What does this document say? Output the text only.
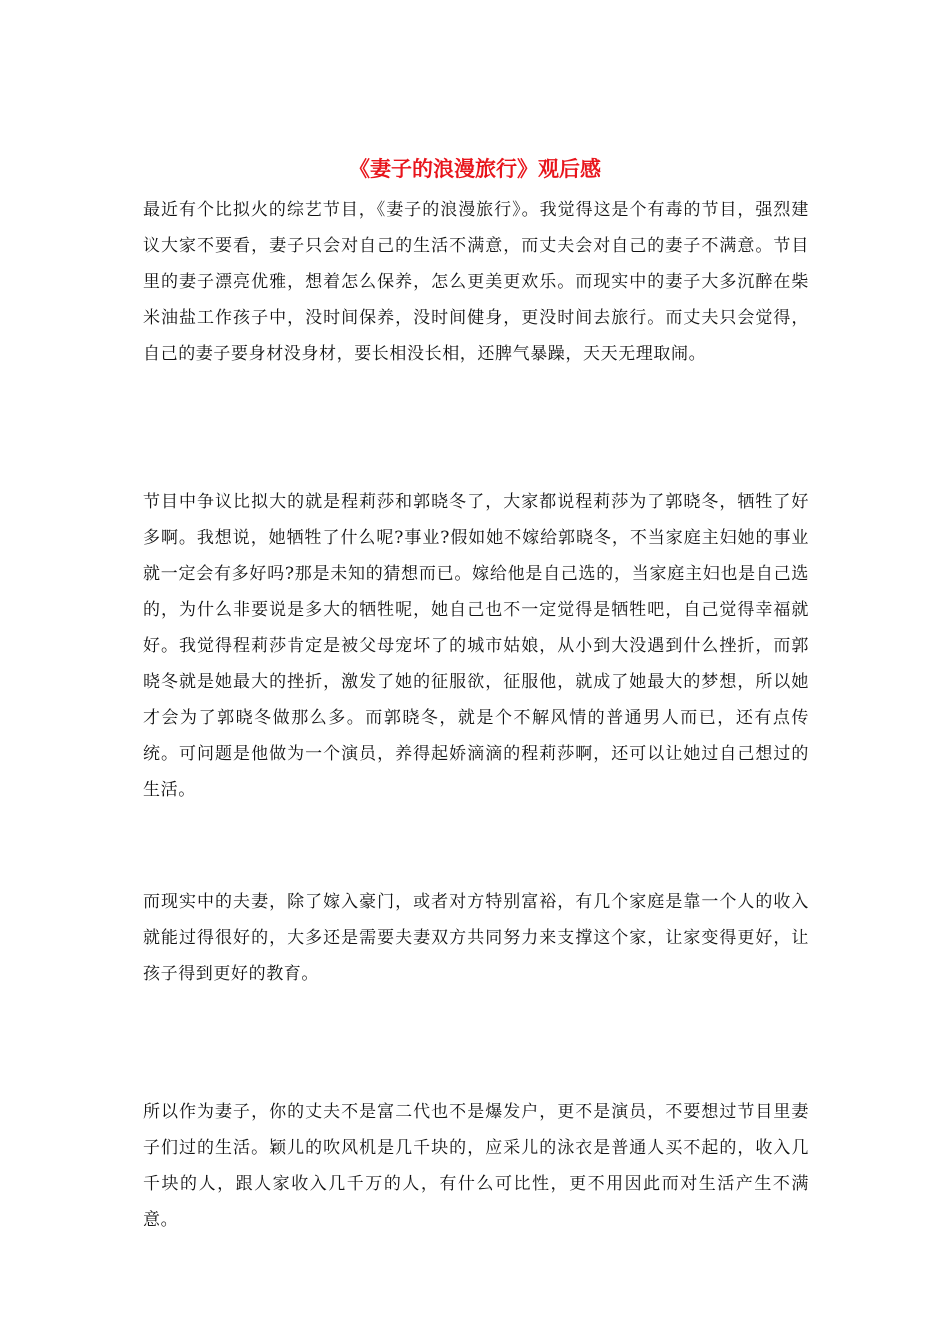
《妻子的浪漫旅行》观后感

最近有个比拟火的综艺节目，《妻子的浪漫旅行》。我觉得这是个有毒的节目，强烈建议大家不要看，妻子只会对自己的生活不满意，而丈夫会对自己的妻子不满意。节目里的妻子漂亮优雅，想着怎么保养，怎么更美更欢乐。而现实中的妻子大多沉醉在柴米油盐工作孩子中，没时间保养，没时间健身，更没时间去旅行。而丈夫只会觉得，自己的妻子要身材没身材，要长相没长相，还脾气暴躁，天天无理取闹。

节目中争议比拟大的就是程莉莎和郭晓冬了，大家都说程莉莎为了郭晓冬，牺牲了好多啊。我想说，她牺牲了什么呢?事业?假如她不嫁给郭晓冬，不当家庭主妇她的事业就一定会有多好吗?那是未知的猜想而已。嫁给他是自己选的，当家庭主妇也是自己选的，为什么非要说是多大的牺牲呢，她自己也不一定觉得是牺牲吧，自己觉得幸福就好。我觉得程莉莎肯定是被父母宠坏了的城市姑娘，从小到大没遇到什么挫折，而郭晓冬就是她最大的挫折，激发了她的征服欲，征服他，就成了她最大的梦想，所以她才会为了郭晓冬做那么多。而郭晓冬，就是个不解风情的普通男人而已，还有点传统。可问题是他做为一个演员，养得起娇滴滴的程莉莎啊，还可以让她过自己想过的生活。

而现实中的夫妻，除了嫁入豪门，或者对方特别富裕，有几个家庭是靠一个人的收入就能过得很好的，大多还是需要夫妻双方共同努力来支撑这个家，让家变得更好，让孩子得到更好的教育。

所以作为妻子，你的丈夫不是富二代也不是爆发户，更不是演员，不要想过节目里妻子们过的生活。颖儿的吹风机是几千块的，应采儿的泳衣是普通人买不起的，收入几千块的人，跟人家收入几千万的人，有什么可比性，更不用因此而对生活产生不满意。
